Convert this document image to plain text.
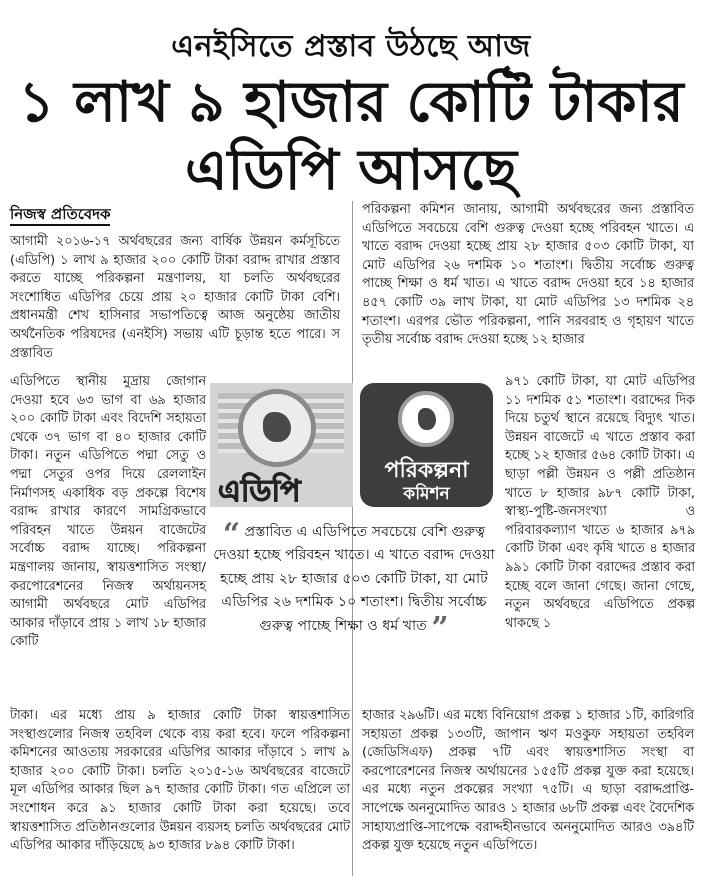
এনইসিতে প্রস্তাব উঠছে আজ
১ লাখ ৯ হাজার কোটি টাকার
এডিপি আসছে
নিজস্ব প্রতিবেদক

আগামী ২০১৬-১৭ অর্থবছরের জন্য বার্ষিক উন্নয়ন কর্মসূচিতে (এডিপি) ১ লাখ ৯ হাজার ২০০ কোটি টাকা বরাদ্দ রাখার প্রস্তাব করতে যাচ্ছে পরিকল্পনা মন্ত্রণালয়, যা চলতি অর্থবছরের সংশোধিত এডিপির চেয়ে প্রায় ২০ হাজার কোটি টাকা বেশি। প্রধানমন্ত্রী শেখ হাসিনার সভাপতিত্বে আজ অনুষ্ঠেয় জাতীয় অর্থনৈতিক পরিষদের (এনইসি) সভায় এটি চূড়ান্ত হতে পারে। স প্রস্তাবিত

এডিপিতে স্থানীয় মুদ্রায় জোগান দেওয়া হবে ৬৩ ভাগ বা ৬৯ হাজার ২০০ কোটি টাকা এবং বিদেশি সহায়তা থেকে ৩৭ ভাগ বা ৪০ হাজার কোটি টাকা। নতুন এডিপিতে পদ্মা সেতু ও পদ্মা সেতুর ওপর দিয়ে রেললাইন নির্মাণসহ একাধিক বড় প্রকল্পে বিশেষ বরাদ্দ রাখার কারণে সামগ্রিকভাবে পরিবহন খাতে উন্নয়ন বাজেটের সর্বোচ্চ বরাদ্দ যাচ্ছে। পরিকল্পনা মন্ত্রণালয় জানায়, স্বায়ত্তশাসিত সংস্থা/করপোরেশনের নিজস্ব অর্থায়নসহ আগামী অর্থবছরে মোট এডিপির আকার দাঁড়াবে প্রায় ১ লাখ ১৮ হাজার কোটি

টাকা। এর মধ্যে প্রায় ৯ হাজার কোটি টাকা স্বায়ত্তশাসিত সংস্থাগুলোর নিজস্ব তহবিল থেকে ব্যয় করা হবে। ফলে পরিকল্পনা কমিশনের আওতায় সরকারের এডিপির আকার দাঁড়াবে ১ লাখ ৯ হাজার ২০০ কোটি টাকা। চলতি ২০১৫-১৬ অর্থবছরের বাজেটে মূল এডিপির আকার ছিল ৯৭ হাজার কোটি টাকা। গত এপ্রিলে তা সংশোধন করে ৯১ হাজার কোটি টাকা করা হয়েছে। তবে স্বায়ত্তশাসিত প্রতিষ্ঠানগুলোর উন্নয়ন ব্যয়সহ চলতি অর্থবছরের মোট এডিপির আকার দাঁড়িয়েছে ৯৩ হাজার ৮৯৪ কোটি টাকা।

পরিকল্পনা কমিশন জানায়, আগামী অর্থবছরের জন্য প্রস্তাবিত এডিপিতে সবচেয়ে বেশি গুরুত্ব দেওয়া হচ্ছে পরিবহন খাতে। এ খাতে বরাদ্দ দেওয়া হচ্ছে প্রায় ২৮ হাজার ৫০৩ কোটি টাকা, যা মোট এডিপির ২৬ দশমিক ১০ শতাংশ। দ্বিতীয় সর্বোচ্চ গুরুত্ব পাচ্ছে শিক্ষা ও ধর্ম খাত। এ খাতে বরাদ্দ দেওয়া হবে ১৪ হাজার ৪৫৭ কোটি ৩৯ লাখ টাকা, যা মোট এডিপির ১৩ দশমিক ২৪ শতাংশ। এরপর ভৌত পরিকল্পনা, পানি সরবরাহ ও গৃহায়ণ খাতে তৃতীয় সর্বোচ্চ বরাদ্দ দেওয়া হচ্ছে ১২ হাজার

৯৭১ কোটি টাকা, যা মোট এডিপির ১১ দশমিক ৫১ শতাংশ। বরাদ্দের দিক দিয়ে চতুর্থ স্থানে রয়েছে বিদ্যুৎ খাত। উন্নয়ন বাজেটে এ খাতে প্রস্তাব করা হচ্ছে ১২ হাজার ৫৬৪ কোটি টাকা। এ ছাড়া পল্লী উন্নয়ন ও পল্লী প্রতিষ্ঠান খাতে ৮ হাজার ৯৮৭ কোটি টাকা, স্বাস্থ্য-পুষ্টি-জনসংখ্যা ও পরিবারকল্যাণ খাতে ৬ হাজার ৯৭৯ কোটি টাকা এবং কৃষি খাতে ৪ হাজার ৯৯১ কোটি টাকা বরাদ্দের প্রস্তাব করা হচ্ছে বলে জানা গেছে। জানা গেছে, নতুন অর্থবছরে এডিপিতে প্রকল্প থাকছে ১

হাজার ২৯৬টি। এর মধ্যে বিনিয়োগ প্রকল্প ১ হাজার ১টি, কারিগরি সহায়তা প্রকল্প ১৩৩টি, জাপান ঋণ মওকুফ সহায়তা তহবিল (জেডিসিএফ) প্রকল্প ৭টি এবং স্বায়ত্তশাসিত সংস্থা বা করপোরেশনের নিজস্ব অর্থায়নের ১৫৫টি প্রকল্প যুক্ত করা হয়েছে। এর মধ্যে নতুন প্রকল্পের সংখ্যা ৭৫টি। এ ছাড়া বরাদ্দপ্রাপ্তি-সাপেক্ষে অননুমোদিত আরও ১ হাজার ৬৮টি প্রকল্প এবং বৈদেশিক সাহায্যপ্রাপ্তি-সাপেক্ষে বরাদ্দহীনভাবে অননুমোদিত আরও ৩৯৪টি প্রকল্প যুক্ত হয়েছে নতুন এডিপিতে।

এডিপি
পরিকল্পনা
কমিশন

“ প্রস্তাবিত এ এডিপিতে সবচেয়ে বেশি গুরুত্ব দেওয়া হচ্ছে পরিবহন খাতে। এ খাতে বরাদ্দ দেওয়া হচ্ছে প্রায় ২৮ হাজার ৫০৩ কোটি টাকা, যা মোট এডিপির ২৬ দশমিক ১০ শতাংশ। দ্বিতীয় সর্বোচ্চ গুরুত্ব পাচ্ছে শিক্ষা ও ধর্ম খাত ”
